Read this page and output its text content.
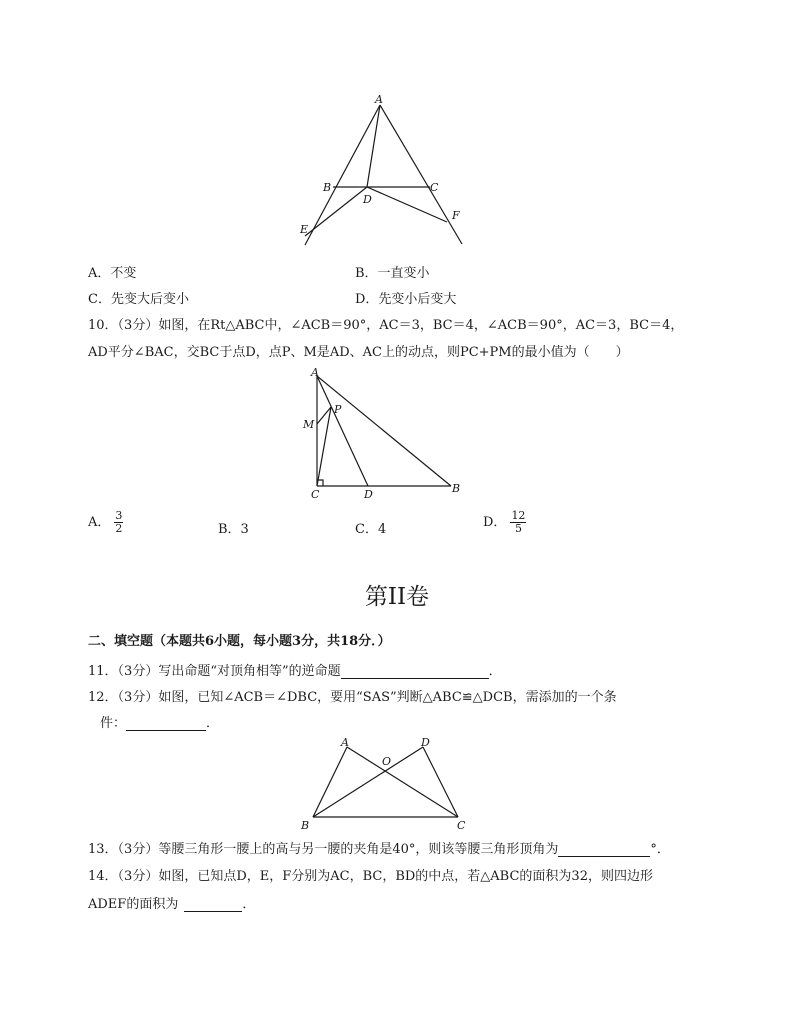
A
B	C
D
E
F
A．不变	B．一直变小
C．先变大后变小	D．先变小后变大
10．（3分）如图，在Rt△ABC中，∠ACB＝90°，AC＝3，BC＝4，∠ACB＝90°，AC＝3，BC＝4，
AD平分∠BAC，交BC于点D，点P、M是AD、AC上的动点，则PC+PM的最小值为（　　）
A
M
P
C	D	B
A． $\frac{3}{2}$	B．3	C．4	D． $\frac{12}{5}$
第II卷
二、填空题（本题共6小题，每小题3分，共18分．）
11．（3分）写出命题“对顶角相等”的逆命题	．
12．（3分）如图，已知∠ACB＝∠DBC，要用“SAS”判断△ABC≌△DCB，需添加的一个条
件：	．
A	D
O
B	C
13．（3分）等腰三角形一腰上的高与另一腰的夹角是40°，则该等腰三角形顶角为	°．
14．（3分）如图，已知点D，E，F分别为AC，BC，BD的中点，若△ABC的面积为32，则四边形
ADEF的面积为	．
